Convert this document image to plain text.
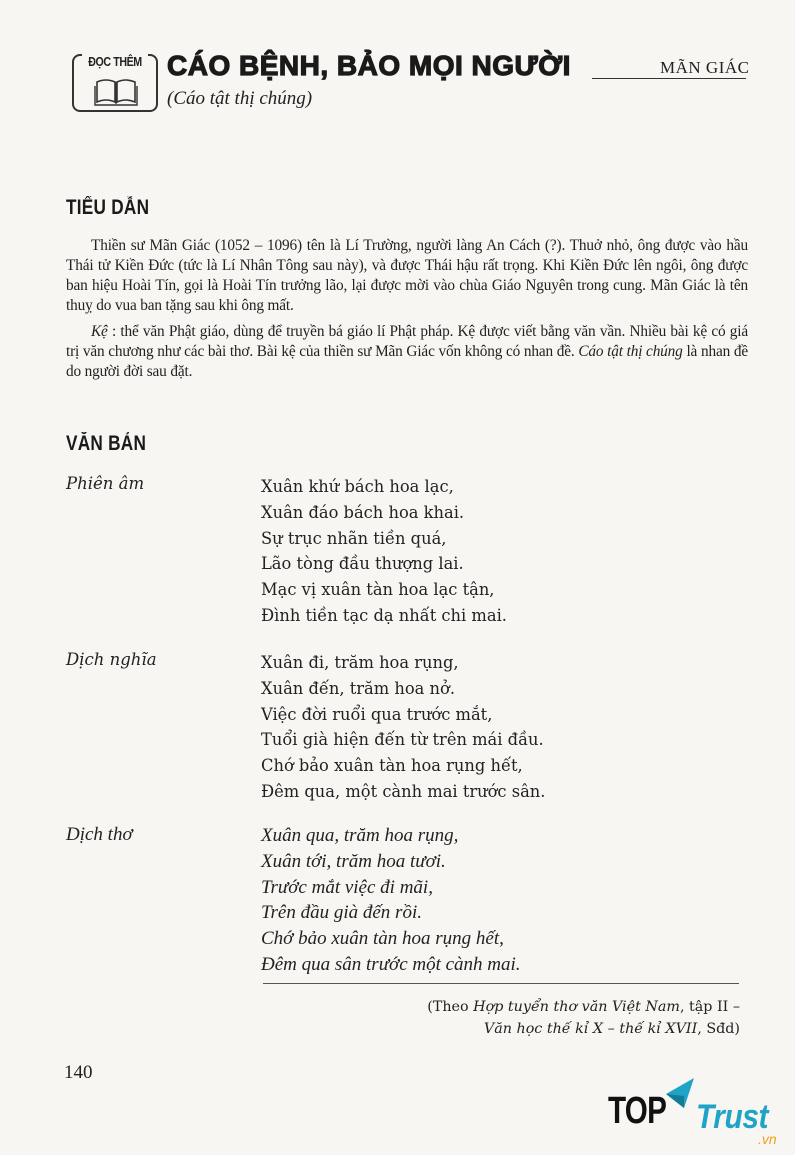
ĐỌC THÊM CÁO BỆNH, BẢO MỌI NGƯỜI	MÃN GIÁC
(Cáo tật thị chúng)
TIỂU DẪN

Thiền sư Mãn Giác (1052 – 1096) tên là Lí Trường, người làng An Cách (?). Thuở nhỏ, ông được vào hầu Thái tử Kiền Đức (tức là Lí Nhân Tông sau này), và được Thái hậu rất trọng. Khi Kiền Đức lên ngôi, ông được ban hiệu Hoài Tín, gọi là Hoài Tín trưởng lão, lại được mời vào chùa Giáo Nguyên trong cung. Mãn Giác là tên thuỵ do vua ban tặng sau khi ông mất.

Kệ : thể văn Phật giáo, dùng để truyền bá giáo lí Phật pháp. Kệ được viết bằng văn vần. Nhiều bài kệ có giá trị văn chương như các bài thơ. Bài kệ của thiền sư Mãn Giác vốn không có nhan đề. Cáo tật thị chúng là nhan đề do người đời sau đặt.

VĂN BẢN
Phiên âm	Xuân khứ bách hoa lạc,
Xuân đáo bách hoa khai.
Sự trục nhãn tiền quá,
Lão tòng đầu thượng lai.
Mạc vị xuân tàn hoa lạc tận,
Đình tiền tạc dạ nhất chi mai.
Dịch nghĩa	Xuân đi, trăm hoa rụng,
Xuân đến, trăm hoa nở.
Việc đời ruổi qua trước mắt,
Tuổi già hiện đến từ trên mái đầu.
Chớ bảo xuân tàn hoa rụng hết,
Đêm qua, một cành mai trước sân.
Dịch thơ	Xuân qua, trăm hoa rụng,
Xuân tới, trăm hoa tươi.
Trước mắt việc đi mãi,
Trên đầu già đến rồi.
Chớ bảo xuân tàn hoa rụng hết,
Đêm qua sân trước một cành mai.
(Theo Hợp tuyển thơ văn Việt Nam, tập II –
Văn học thế kỉ X – thế kỉ XVII, Sđd)
140
TOP Trust
.vn
